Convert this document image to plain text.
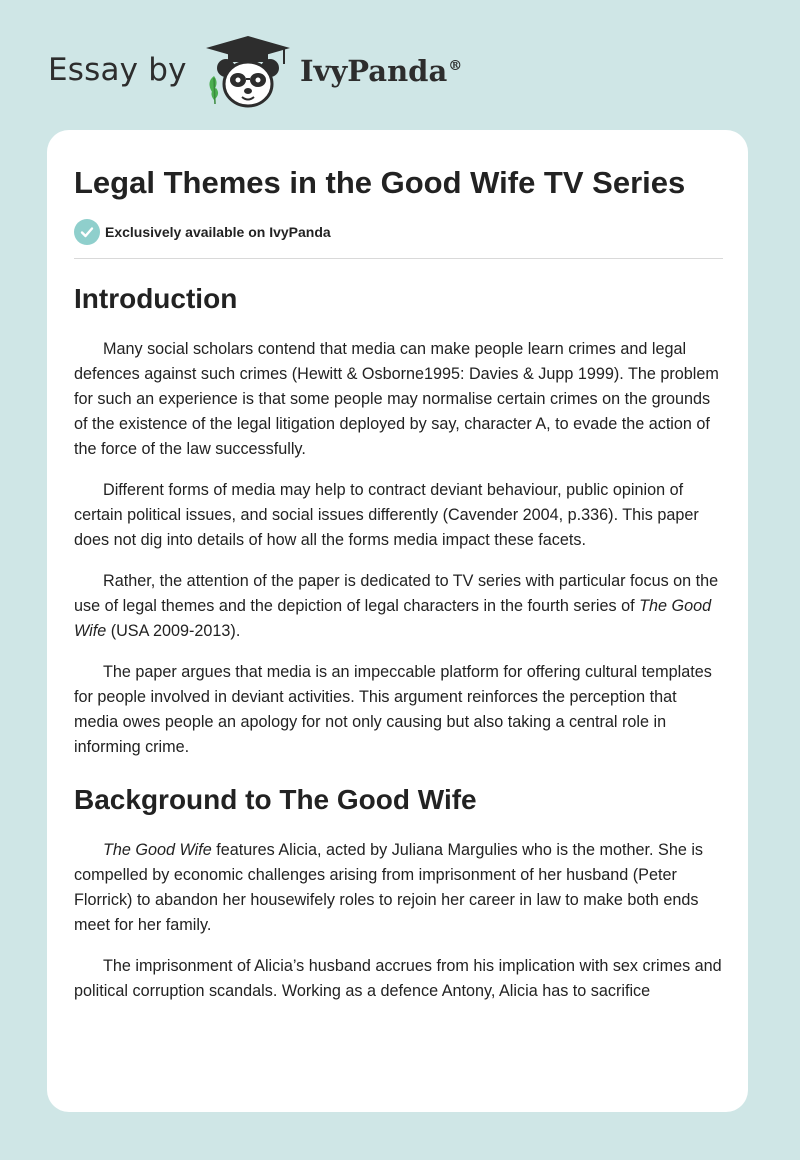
Essay by	IvyPanda®
Legal Themes in the Good Wife TV Series
Exclusively available on IvyPanda
Introduction

Many social scholars contend that media can make people learn crimes and legal defences against such crimes (Hewitt & Osborne1995: Davies & Jupp 1999). The problem for such an experience is that some people may normalise certain crimes on the grounds of the existence of the legal litigation deployed by say, character A, to evade the action of the force of the law successfully.

Different forms of media may help to contract deviant behaviour, public opinion of certain political issues, and social issues differently (Cavender 2004, p.336). This paper does not dig into details of how all the forms media impact these facets.

Rather, the attention of the paper is dedicated to TV series with particular focus on the use of legal themes and the depiction of legal characters in the fourth series of The Good Wife (USA 2009-2013).

The paper argues that media is an impeccable platform for offering cultural templates for people involved in deviant activities. This argument reinforces the perception that media owes people an apology for not only causing but also taking a central role in informing crime.

Background to The Good Wife

The Good Wife features Alicia, acted by Juliana Margulies who is the mother. She is compelled by economic challenges arising from imprisonment of her husband (Peter Florrick) to abandon her housewifely roles to rejoin her career in law to make both ends meet for her family.

The imprisonment of Alicia’s husband accrues from his implication with sex crimes and political corruption scandals. Working as a defence Antony, Alicia has to sacrifice
